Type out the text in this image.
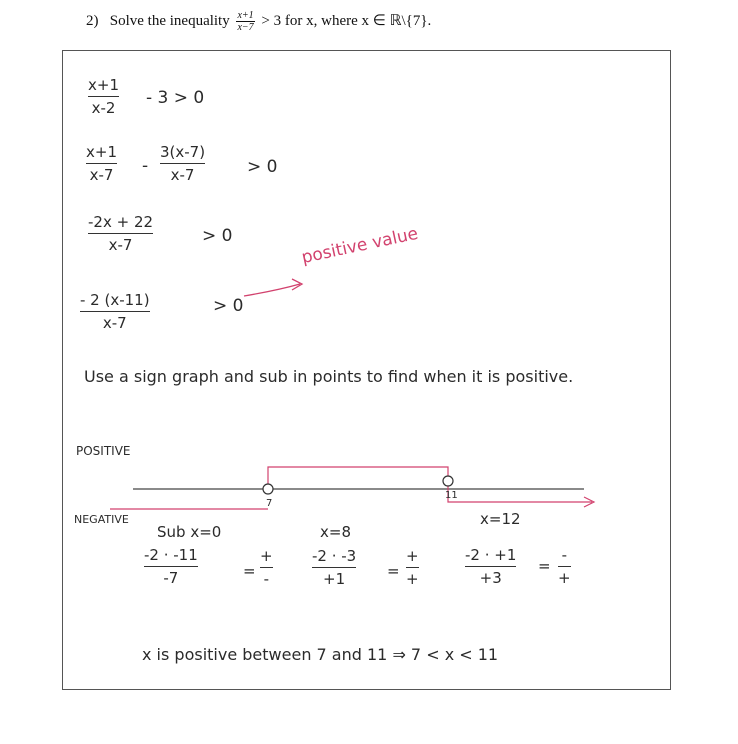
2) Solve the inequality $\frac{x+1}{x-7} > 3$ for x, where x ∈ ℝ\{7}.
$\frac{x+1}{x-2} - 3 > 0$
$\frac{x+1}{x-7} - \frac{3(x-7)}{x-7} > 0$
$\frac{-2x + 22}{x-7}$	> 0
$\frac{- 2 (x-11)}{x-7}$	> 0
positive value
Use a sign graph and sub in points to find when it is positive.
POSITIVE
NEGATIVE
7
11
Sub x=0
$\frac{-2 \cdot -11}{-7}$	=
+
-
x=8
$\frac{-2 \cdot -3}{+1}$ =
+
+
x=12
$\frac{-2 \cdot +1}{+3}$ =
-
+
x is positive between 7 and 11 ⇒ 7 < x < 11
